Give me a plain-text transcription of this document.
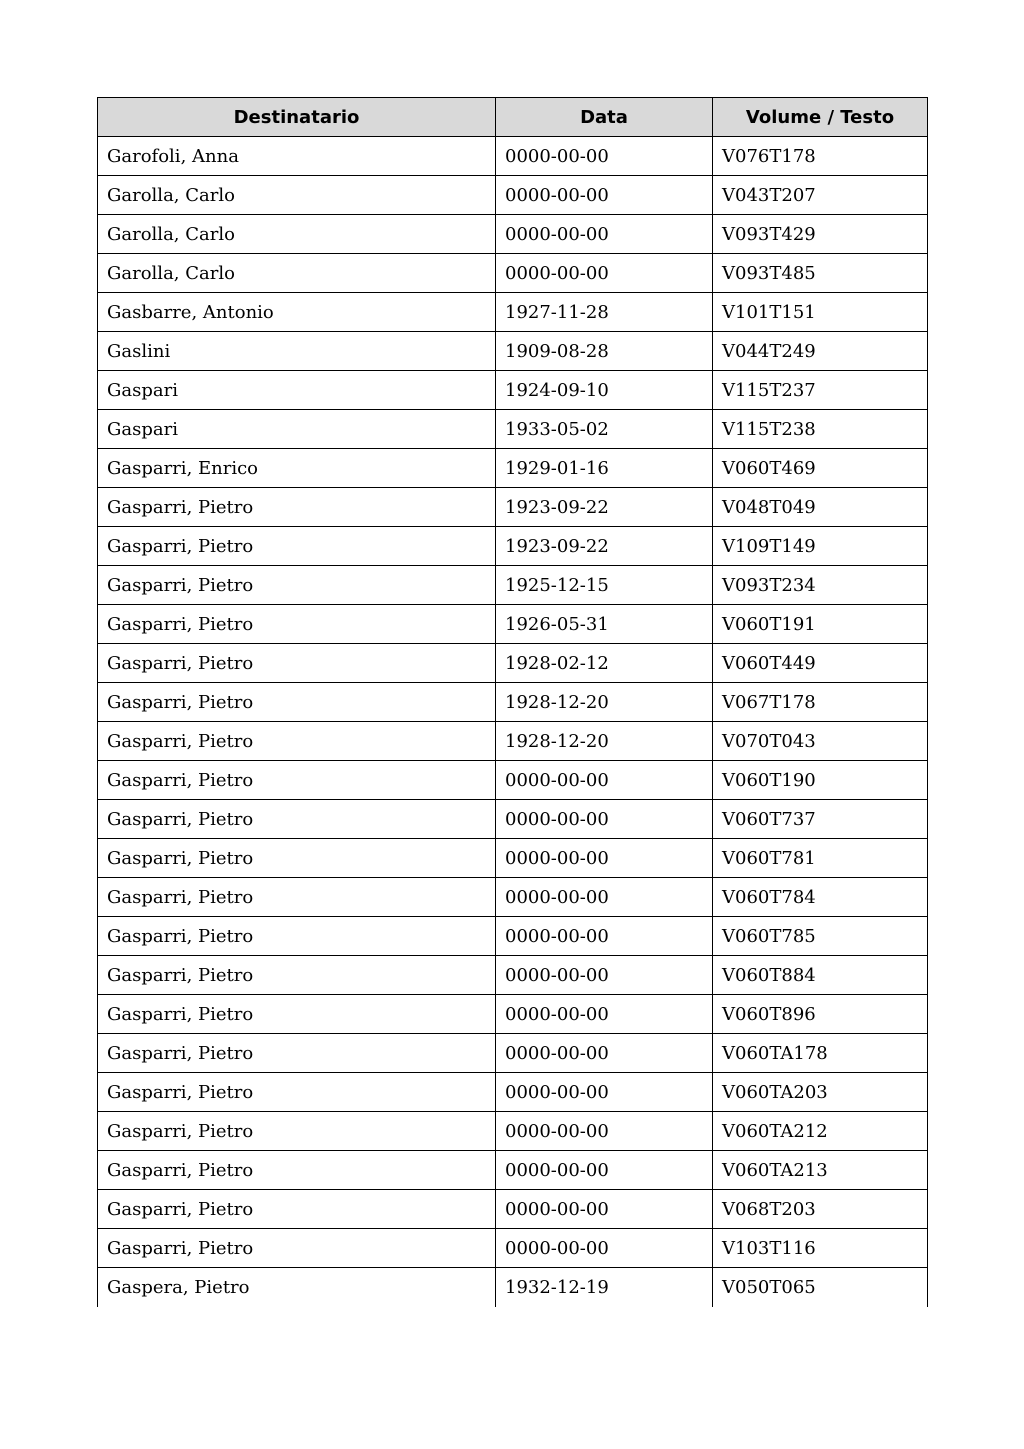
Destinatario	Data	Volume / Testo
Garofoli, Anna	0000-00-00	V076T178
Garolla, Carlo	0000-00-00	V043T207
Garolla, Carlo	0000-00-00	V093T429
Garolla, Carlo	0000-00-00	V093T485
Gasbarre, Antonio	1927-11-28	V101T151
Gaslini	1909-08-28	V044T249
Gaspari	1924-09-10	V115T237
Gaspari	1933-05-02	V115T238
Gasparri, Enrico	1929-01-16	V060T469
Gasparri, Pietro	1923-09-22	V048T049
Gasparri, Pietro	1923-09-22	V109T149
Gasparri, Pietro	1925-12-15	V093T234
Gasparri, Pietro	1926-05-31	V060T191
Gasparri, Pietro	1928-02-12	V060T449
Gasparri, Pietro	1928-12-20	V067T178
Gasparri, Pietro	1928-12-20	V070T043
Gasparri, Pietro	0000-00-00	V060T190
Gasparri, Pietro	0000-00-00	V060T737
Gasparri, Pietro	0000-00-00	V060T781
Gasparri, Pietro	0000-00-00	V060T784
Gasparri, Pietro	0000-00-00	V060T785
Gasparri, Pietro	0000-00-00	V060T884
Gasparri, Pietro	0000-00-00	V060T896
Gasparri, Pietro	0000-00-00	V060TA178
Gasparri, Pietro	0000-00-00	V060TA203
Gasparri, Pietro	0000-00-00	V060TA212
Gasparri, Pietro	0000-00-00	V060TA213
Gasparri, Pietro	0000-00-00	V068T203
Gasparri, Pietro	0000-00-00	V103T116
Gaspera, Pietro	1932-12-19	V050T065
